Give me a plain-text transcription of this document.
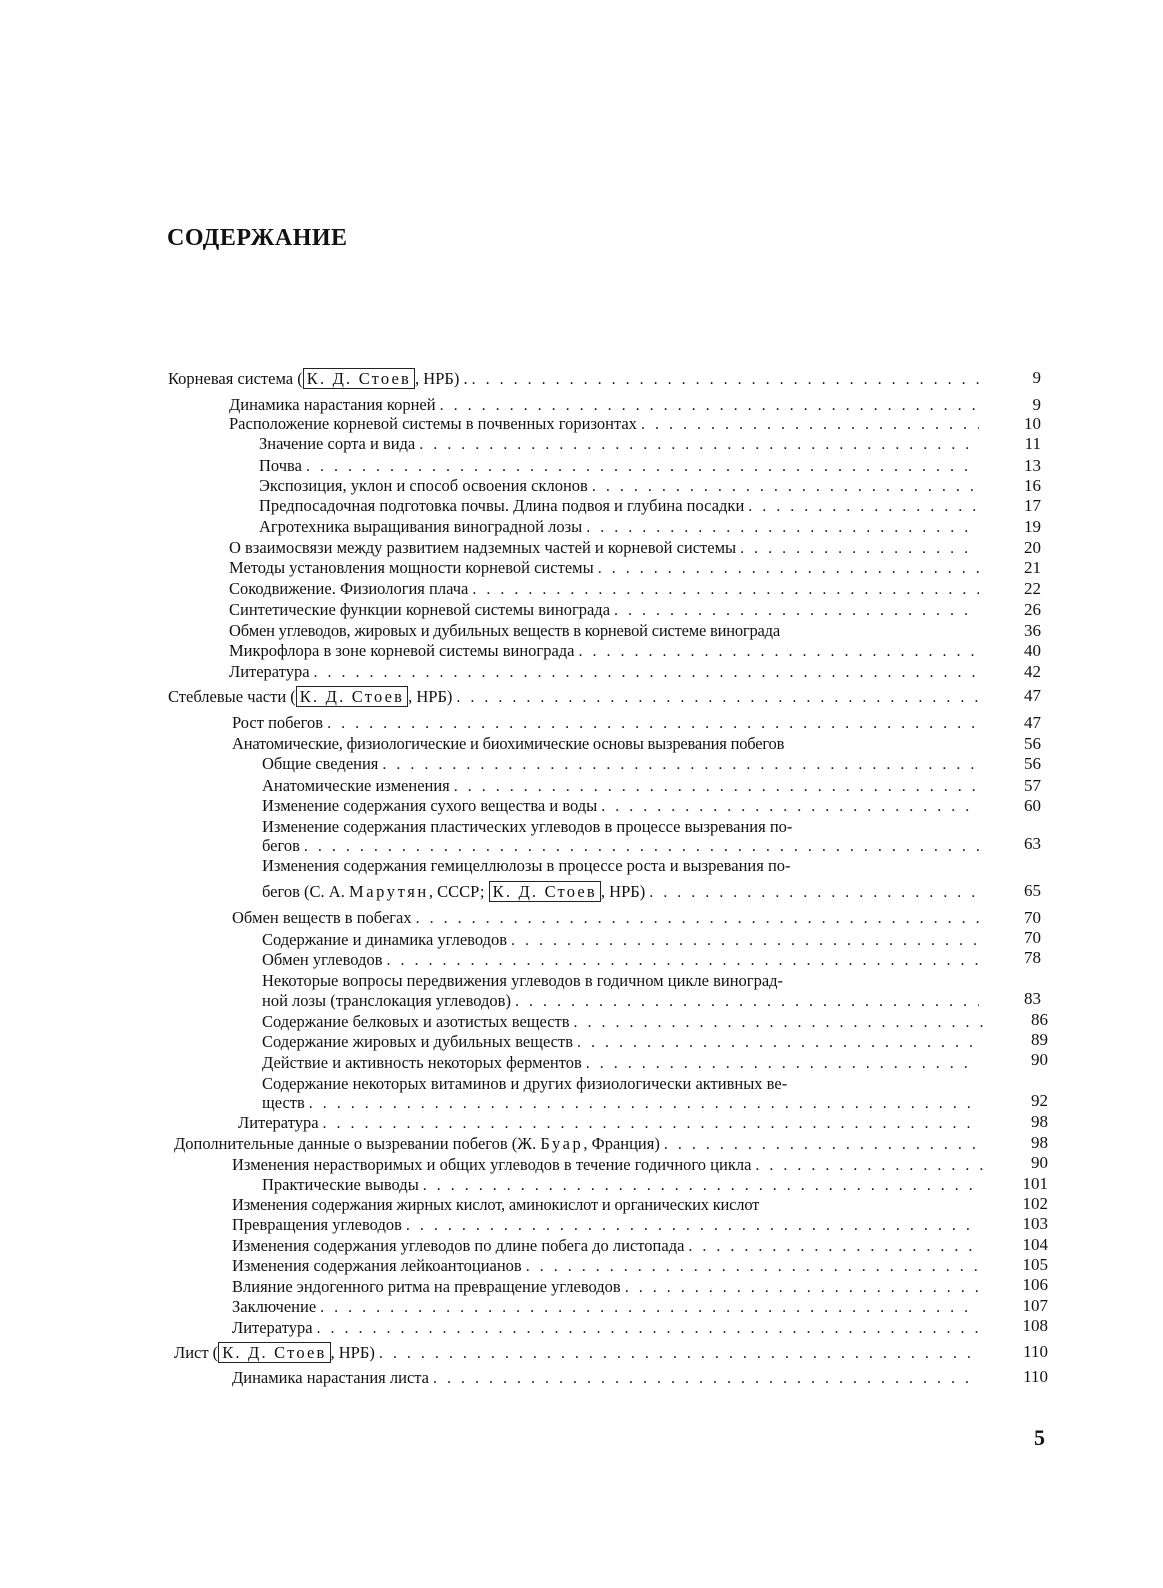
СОДЕРЖАНИЕ
Корневая система ( К. Д. Стоев , НРБ) . . . .	9
Динамика нарастания корней . . .	9
Расположение корневой системы в почвенных горизонтах . . .	10
Значение сорта и вида . . .	11
Почва . . .	13
Экспозиция, уклон и способ освоения склонов . . .	16
Предпосадочная подготовка почвы. Длина подвоя и глубина посадки . . .	17
Агротехника выращивания виноградной лозы . . .	19
О взаимосвязи между развитием надземных частей и корневой системы . . .	20
Методы установления мощности корневой системы . . .	21
Сокодвижение. Физиология плача . . .	22
Синтетические функции корневой системы винограда . . .	26
Обмен углеводов, жировых и дубильных веществ в корневой системе винограда	36
Микрофлора в зоне корневой системы винограда . . .	40
Литература . . .	42
Стеблевые части ( К. Д. Стоев , НРБ) . . .	47
Рост побегов . . .	47
Анатомические, физиологические и биохимические основы вызревания побегов	56
Общие сведения . . .	56
Анатомические изменения . . .	57
Изменение содержания сухого вещества и воды . . .	60
Изменение содержания пластических углеводов в процессе вызревания по-
бегов . . .	63
Изменения содержания гемицеллюлозы в процессе роста и вызревания по-
бегов (С. А. Марутян, СССР; К. Д. Стоев , НРБ) . . .	65
Обмен веществ в побегах . . .	70
Содержание и динамика углеводов . . .	70
Обмен углеводов . . .	78
Некоторые вопросы передвижения углеводов в годичном цикле виноград-
ной лозы (транслокация углеводов) . . .	83
Содержание белковых и азотистых веществ . . .	86
Содержание жировых и дубильных веществ . . .	89
Действие и активность некоторых ферментов . . .	90
Содержание некоторых витаминов и других физиологически активных ве-
ществ . . .	92
Литература . . .	98
Дополнительные данные о вызревании побегов (Ж. Буар, Франция) . . .	98
Изменения нерастворимых и общих углеводов в течение годичного цикла . . .	90
Практические выводы . . .	101
Изменения содержания жирных кислот, аминокислот и органических кислот	102
Превращения углеводов . . .	103
Изменения содержания углеводов по длине побега до листопада . . .	104
Изменения содержания лейкоантоцианов . . .	105
Влияние эндогенного ритма на превращение углеводов . . .	106
Заключение . . .	107
Литература . . .	108
Лист ( К. Д. Стоев , НРБ) . . .	110
Динамика нарастания листа . . .	110
5
